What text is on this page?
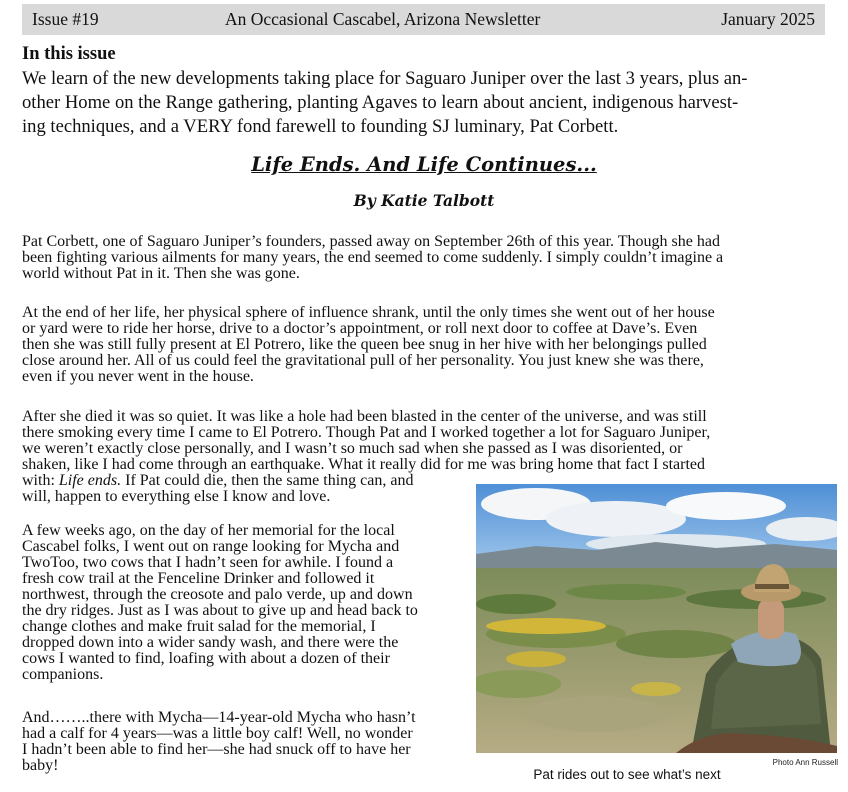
Issue #19	An Occasional Cascabel, Arizona Newsletter	January 2025
In this issue
We learn of the new developments taking place for Saguaro Juniper over the last 3 years, plus an-
other Home on the Range gathering, planting Agaves to learn about ancient, indigenous harvest-
ing techniques, and a VERY fond farewell to founding SJ luminary, Pat Corbett.
Life Ends. And Life Continues...
By Katie Talbott
Pat Corbett, one of Saguaro Juniper’s founders, passed away on September 26th of this year. Though she had
been fighting various ailments for many years, the end seemed to come suddenly. I simply couldn’t imagine a
world without Pat in it. Then she was gone.
At the end of her life, her physical sphere of influence shrank, until the only times she went out of her house
or yard were to ride her horse, drive to a doctor’s appointment, or roll next door to coffee at Dave’s. Even
then she was still fully present at El Potrero, like the queen bee snug in her hive with her belongings pulled
close around her. All of us could feel the gravitational pull of her personality. You just knew she was there,
even if you never went in the house.
After she died it was so quiet. It was like a hole had been blasted in the center of the universe, and was still
there smoking every time I came to El Potrero. Though Pat and I worked together a lot for Saguaro Juniper,
we weren’t exactly close personally, and I wasn’t so much sad when she passed as I was disoriented, or
shaken, like I had come through an earthquake. What it really did for me was bring home that fact I started
with: Life ends. If Pat could die, then the same thing can, and
will, happen to everything else I know and love.
A few weeks ago, on the day of her memorial for the local
Cascabel folks, I went out on range looking for Mycha and
TwoToo, two cows that I hadn’t seen for awhile. I found a
fresh cow trail at the Fenceline Drinker and followed it
northwest, through the creosote and palo verde, up and down
the dry ridges. Just as I was about to give up and head back to
change clothes and make fruit salad for the memorial, I
dropped down into a wider sandy wash, and there were the
cows I wanted to find, loafing with about a dozen of their
companions.
And……..there with Mycha—14-year-old Mycha who hasn’t
had a calf for 4 years—was a little boy calf! Well, no wonder
I hadn’t been able to find her—she had snuck off to have her
baby!	Photo Ann Russell
Pat rides out to see what’s next
